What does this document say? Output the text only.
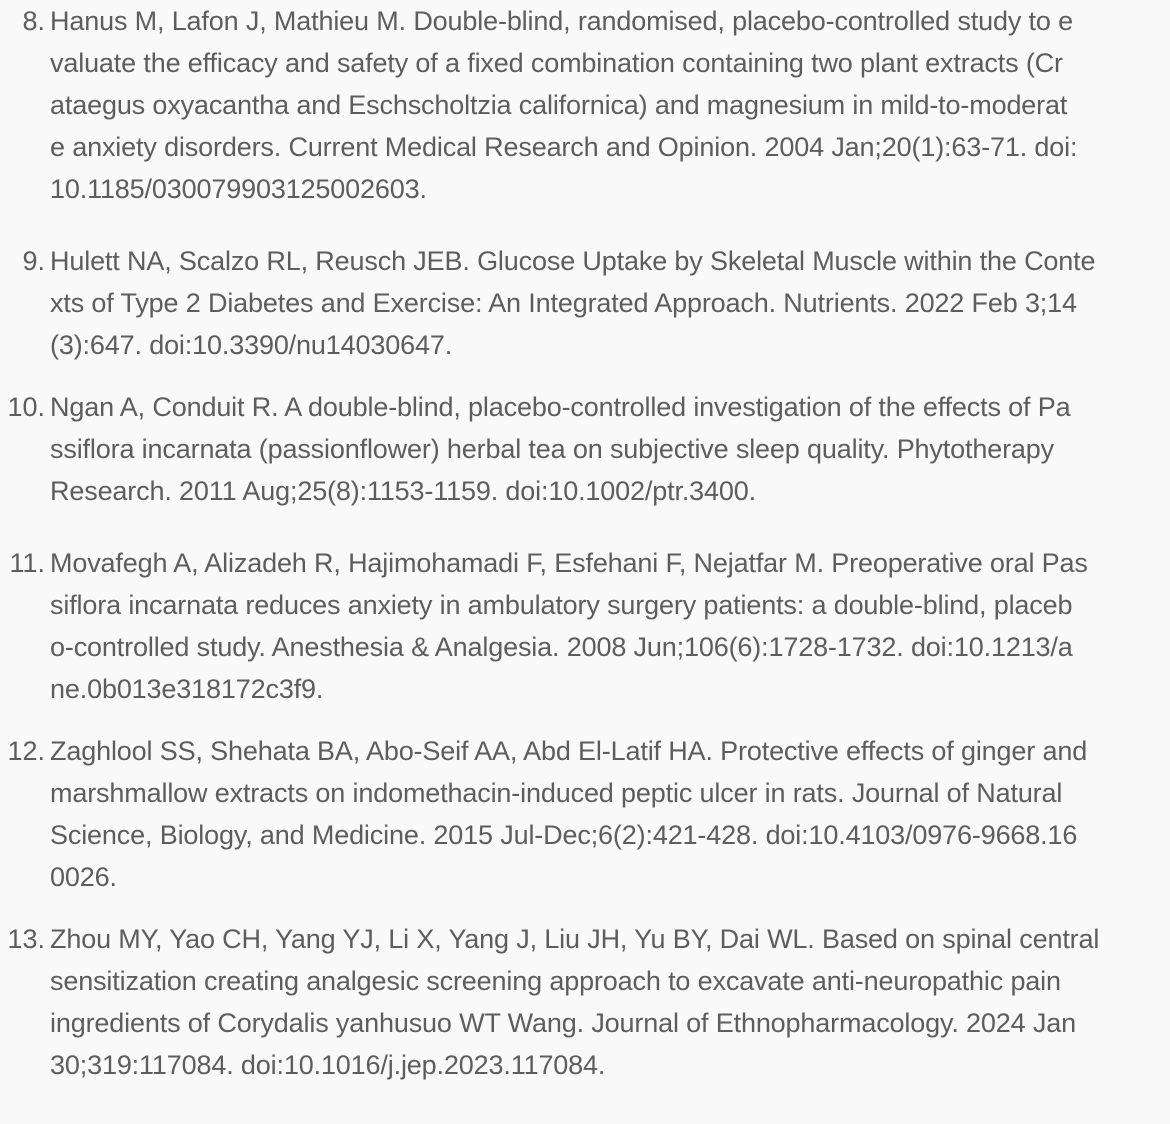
8. Hanus M, Lafon J, Mathieu M. Double-blind, randomised, placebo-controlled study to e
valuate the efficacy and safety of a fixed combination containing two plant extracts (Cr
ataegus oxyacantha and Eschscholtzia californica) and magnesium in mild-to-moderat
e anxiety disorders. Current Medical Research and Opinion. 2004 Jan;20(1):63-71. doi:
10.1185/030079903125002603.
9. Hulett NA, Scalzo RL, Reusch JEB. Glucose Uptake by Skeletal Muscle within the Conte
xts of Type 2 Diabetes and Exercise: An Integrated Approach. Nutrients. 2022 Feb 3;14
(3):647. doi:10.3390/nu14030647.
10. Ngan A, Conduit R. A double-blind, placebo-controlled investigation of the effects of Pa
ssiflora incarnata (passionflower) herbal tea on subjective sleep quality. Phytotherapy
Research. 2011 Aug;25(8):1153-1159. doi:10.1002/ptr.3400.
11. Movafegh A, Alizadeh R, Hajimohamadi F, Esfehani F, Nejatfar M. Preoperative oral Pas
siflora incarnata reduces anxiety in ambulatory surgery patients: a double-blind, placeb
o-controlled study. Anesthesia & Analgesia. 2008 Jun;106(6):1728-1732. doi:10.1213/a
ne.0b013e318172c3f9.
12. Zaghlool SS, Shehata BA, Abo-Seif AA, Abd El-Latif HA. Protective effects of ginger and
marshmallow extracts on indomethacin-induced peptic ulcer in rats. Journal of Natural
Science, Biology, and Medicine. 2015 Jul-Dec;6(2):421-428. doi:10.4103/0976-9668.16
0026.
13. Zhou MY, Yao CH, Yang YJ, Li X, Yang J, Liu JH, Yu BY, Dai WL. Based on spinal central
sensitization creating analgesic screening approach to excavate anti-neuropathic pain
ingredients of Corydalis yanhusuo WT Wang. Journal of Ethnopharmacology. 2024 Jan
30;319:117084. doi:10.1016/j.jep.2023.117084.
